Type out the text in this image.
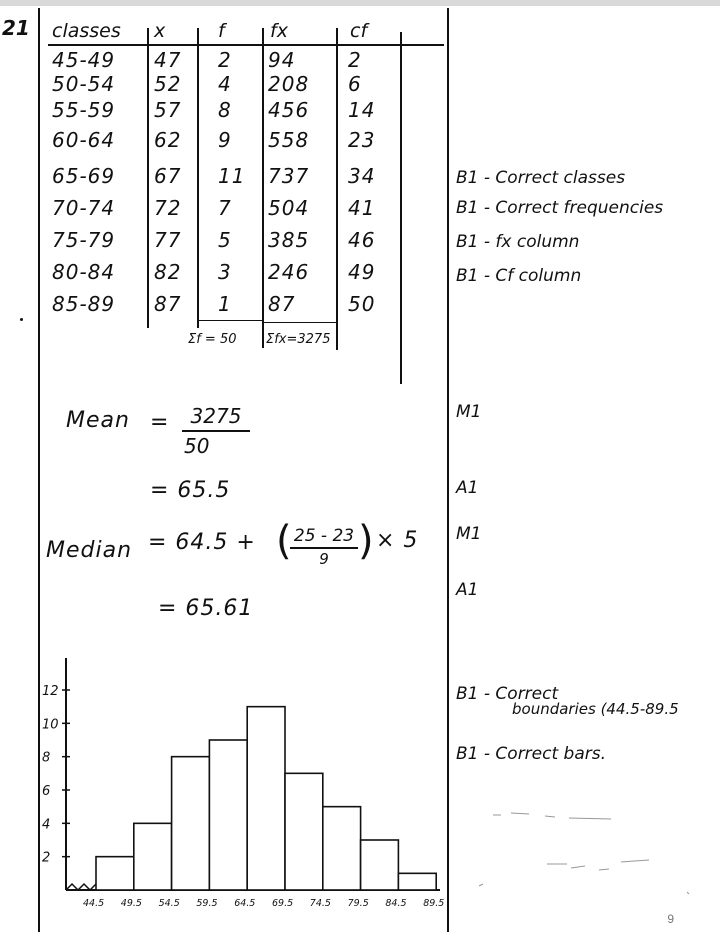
21 classes x	f fx	cf
45-49 47 2 94	2
50-54 52 4 208 6
55-59 57 8 456 14
60-64 62 9 558 23
65-69 67 11 737 34
70-74 72 7 504 41
75-79 77 5 385 46
80-84 82 3 246 49
85-89 87 1 87	50
Σf = 50 Σfx=3275
B1 - Correct classes
B1 - Correct frequencies
B1 - fx column
B1 - Cf column
M1
A1
M1
A1
B1 - Correct
boundaries (44.5-89.5
B1 - Correct bars.
Mean =	3275
50
= 65.5
Median = 64.5 + ( 25 - 23
9 ) × 5
= 65.61
2
4
6
8
10
12
44.5 49.5 54.5 59.5 64.5 69.5 74.5 79.5 84.5 89.5
9
